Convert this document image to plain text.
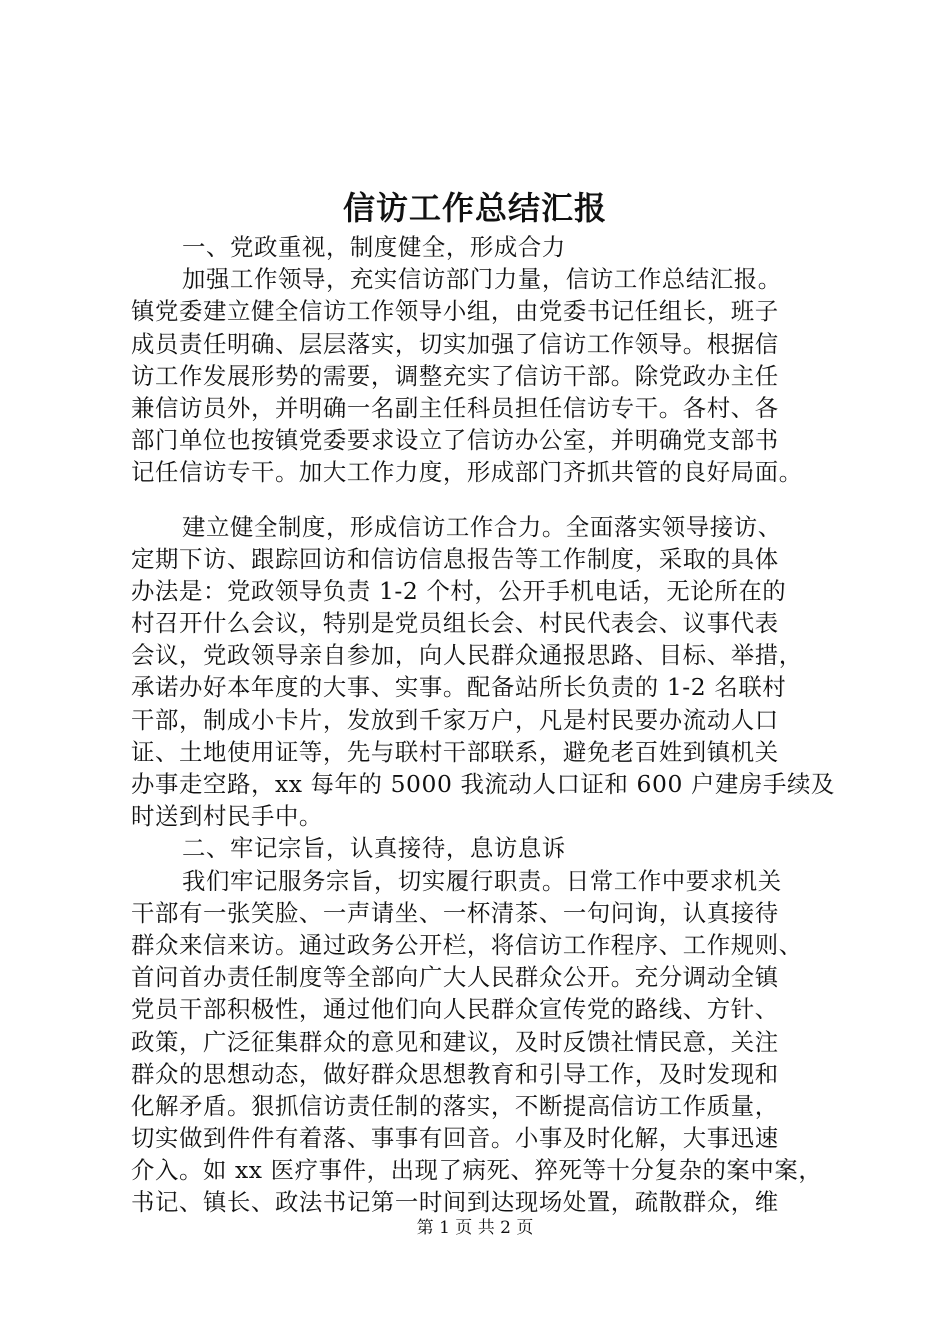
信访工作总结汇报
一、党政重视，制度健全，形成合力
加强工作领导，充实信访部门力量，信访工作总结汇报。
镇党委建立健全信访工作领导小组，由党委书记任组长，班子
成员责任明确、层层落实，切实加强了信访工作领导。根据信
访工作发展形势的需要，调整充实了信访干部。除党政办主任
兼信访员外，并明确一名副主任科员担任信访专干。各村、各
部门单位也按镇党委要求设立了信访办公室，并明确党支部书
记任信访专干。加大工作力度，形成部门齐抓共管的良好局面。
建立健全制度，形成信访工作合力。全面落实领导接访、
定期下访、跟踪回访和信访信息报告等工作制度，采取的具体
办法是：党政领导负责 1-2 个村，公开手机电话，无论所在的
村召开什么会议，特别是党员组长会、村民代表会、议事代表
会议，党政领导亲自参加，向人民群众通报思路、目标、举措，
承诺办好本年度的大事、实事。配备站所长负责的 1-2 名联村
干部，制成小卡片，发放到千家万户，凡是村民要办流动人口
证、土地使用证等，先与联村干部联系，避免老百姓到镇机关
办事走空路，xx 每年的 5000 我流动人口证和 600 户建房手续及
时送到村民手中。
二、牢记宗旨，认真接待，息访息诉
我们牢记服务宗旨，切实履行职责。日常工作中要求机关
干部有一张笑脸、一声请坐、一杯清茶、一句问询，认真接待
群众来信来访。通过政务公开栏，将信访工作程序、工作规则、
首问首办责任制度等全部向广大人民群众公开。充分调动全镇
党员干部积极性，通过他们向人民群众宣传党的路线、方针、
政策，广泛征集群众的意见和建议，及时反馈社情民意，关注
群众的思想动态，做好群众思想教育和引导工作，及时发现和
化解矛盾。狠抓信访责任制的落实，不断提高信访工作质量，
切实做到件件有着落、事事有回音。小事及时化解，大事迅速
介入。如 xx 医疗事件，出现了病死、猝死等十分复杂的案中案，
书记、镇长、政法书记第一时间到达现场处置，疏散群众，维
第 1 页 共 2 页
